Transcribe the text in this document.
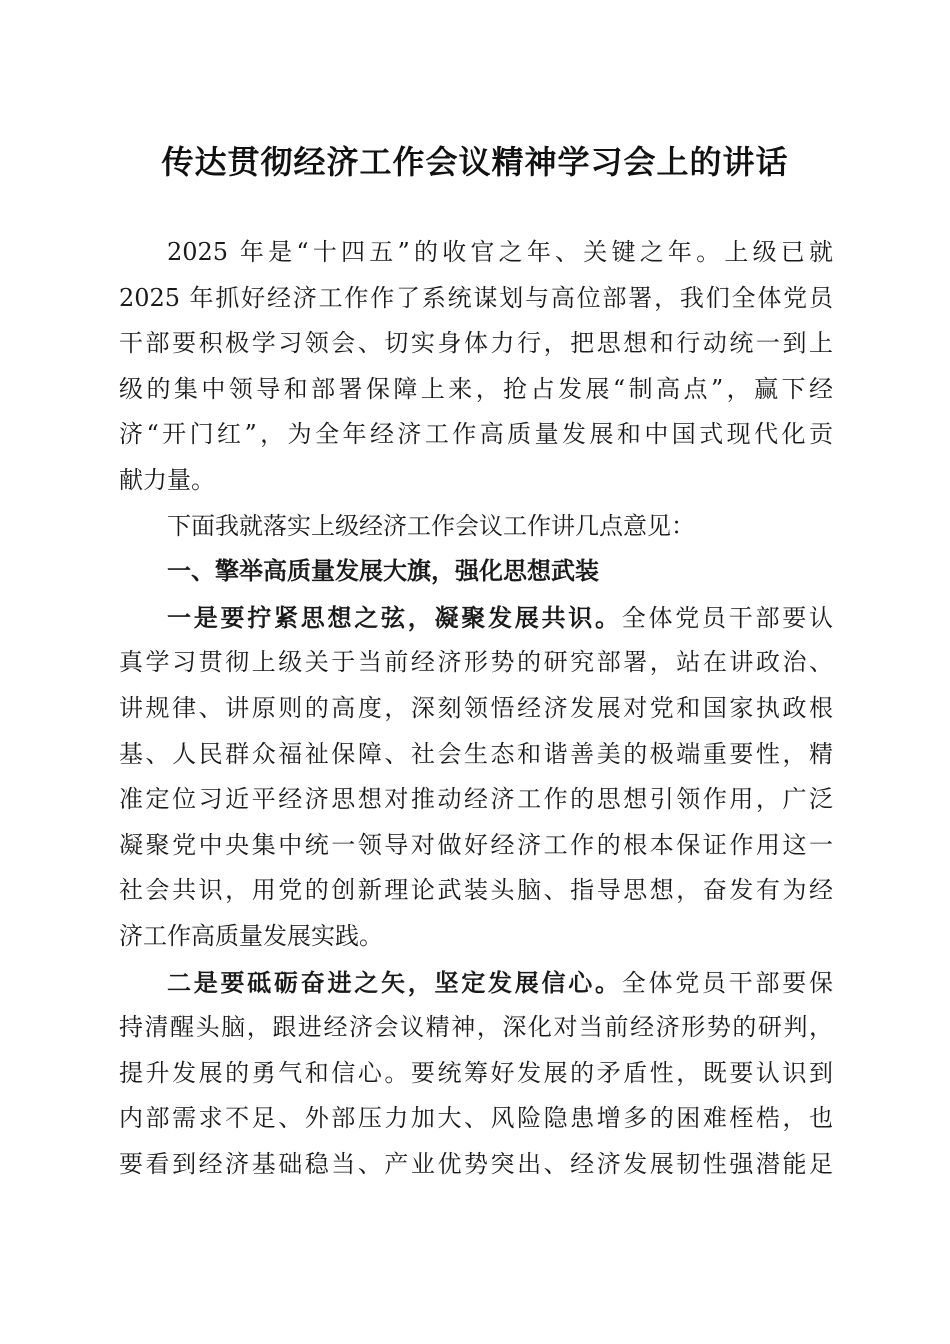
传达贯彻经济工作会议精神学习会上的讲话
2025 年是“十四五”的收官之年、关键之年。上级已就
2025 年抓好经济工作作了系统谋划与高位部署，我们全体党员
干部要积极学习领会、切实身体力行，把思想和行动统一到上
级的集中领导和部署保障上来，抢占发展“制高点”，赢下经
济“开门红”，为全年经济工作高质量发展和中国式现代化贡
献力量。
下面我就落实上级经济工作会议工作讲几点意见：
一、擎举高质量发展大旗，强化思想武装
一是要拧紧思想之弦，凝聚发展共识。全体党员干部要认
真学习贯彻上级关于当前经济形势的研究部署，站在讲政治、
讲规律、讲原则的高度，深刻领悟经济发展对党和国家执政根
基、人民群众福祉保障、社会生态和谐善美的极端重要性，精
准定位习近平经济思想对推动经济工作的思想引领作用，广泛
凝聚党中央集中统一领导对做好经济工作的根本保证作用这一
社会共识，用党的创新理论武装头脑、指导思想，奋发有为经
济工作高质量发展实践。
二是要砥砺奋进之矢，坚定发展信心。全体党员干部要保
持清醒头脑，跟进经济会议精神，深化对当前经济形势的研判，
提升发展的勇气和信心。要统筹好发展的矛盾性，既要认识到
内部需求不足、外部压力加大、风险隐患增多的困难桎梏，也
要看到经济基础稳当、产业优势突出、经济发展韧性强潜能足
